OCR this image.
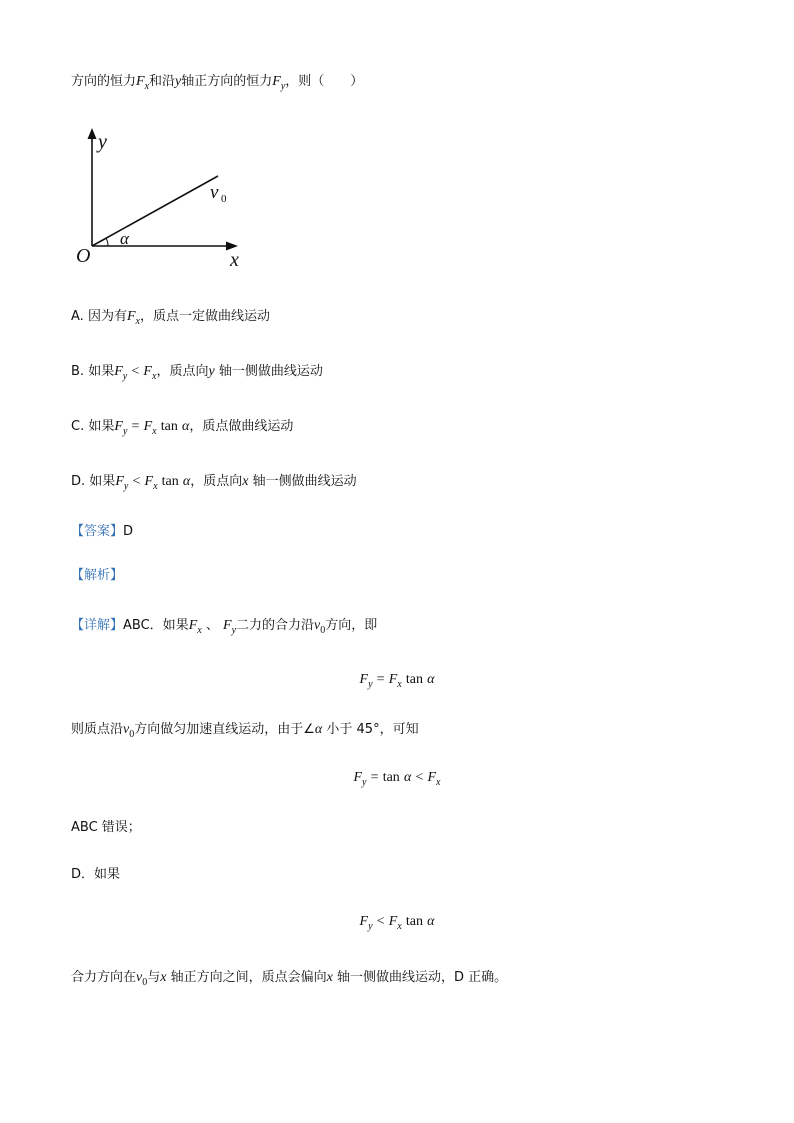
方向的恒力$F_x$和沿y轴正方向的恒力$F_y$，则（　　）
y
x
O
α
v 0
A. 因为有$F_x$，质点一定做曲线运动
B. 如果$F_y < F_x$，质点向y 轴一侧做曲线运动
C. 如果$F_y = F_x$ tan α，质点做曲线运动
D. 如果$F_y < F_x$ tan α，质点向x 轴一侧做曲线运动
【答案】D
【解析】
【详解】ABC．如果$F_x$ 、 $F_y$二力的合力沿$v_0$方向，即
$F_y = F_x$ tan α
则质点沿$v_0$方向做匀加速直线运动，由于∠α 小于 45°，可知
$F_y = \tan \alpha < F_x$
ABC 错误；
D．如果
$F_y < F_x$ tan α
合力方向在$v_0$与x 轴正方向之间，质点会偏向x 轴一侧做曲线运动，D 正确。
